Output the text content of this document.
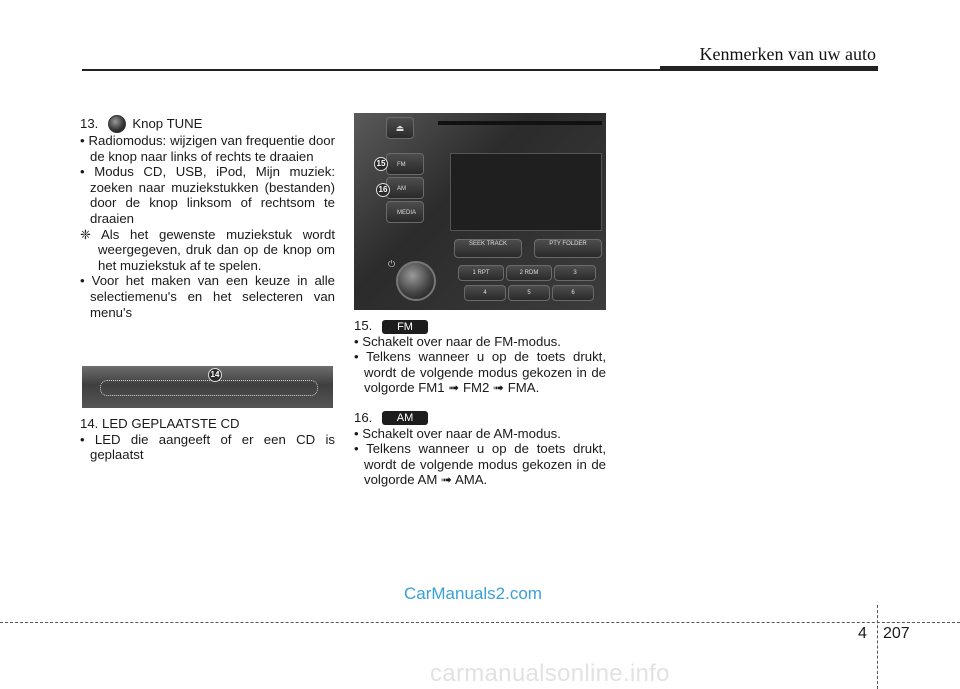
Kenmerken van uw auto
13.	Knop TUNE
• Radiomodus: wijzigen van frequentie door de knop naar links of rechts te draaien
• Modus CD, USB, iPod, Mijn muziek: zoeken naar muziekstukken (bestanden) door de knop linksom of rechtsom te draaien
❈ Als het gewenste muziekstuk wordt weergegeven, druk dan op de knop om het muziekstuk af te spelen.
• Voor het maken van een keuze in alle selectiemenu's en het selecteren van menu's
14
14. LED GEPLAATSTE CD
• LED die aangeeft of er een CD is geplaatst
⏏
FM
AM
MEDIA
15
16
SEEK TRACK	PTY FOLDER
1 RPT	2 RDM	3
4	5	6
⏻
15. FM
• Schakelt over naar de FM-modus.
• Telkens wanneer u op de toets drukt, wordt de volgende modus gekozen in de volgorde FM1 ➟ FM2 ➟ FMA.
16. AM
• Schakelt over naar de AM-modus.
• Telkens wanneer u op de toets drukt, wordt de volgende modus gekozen in de volgorde AM ➟ AMA.
CarManuals2.com
4 207
carmanualsonline.info
